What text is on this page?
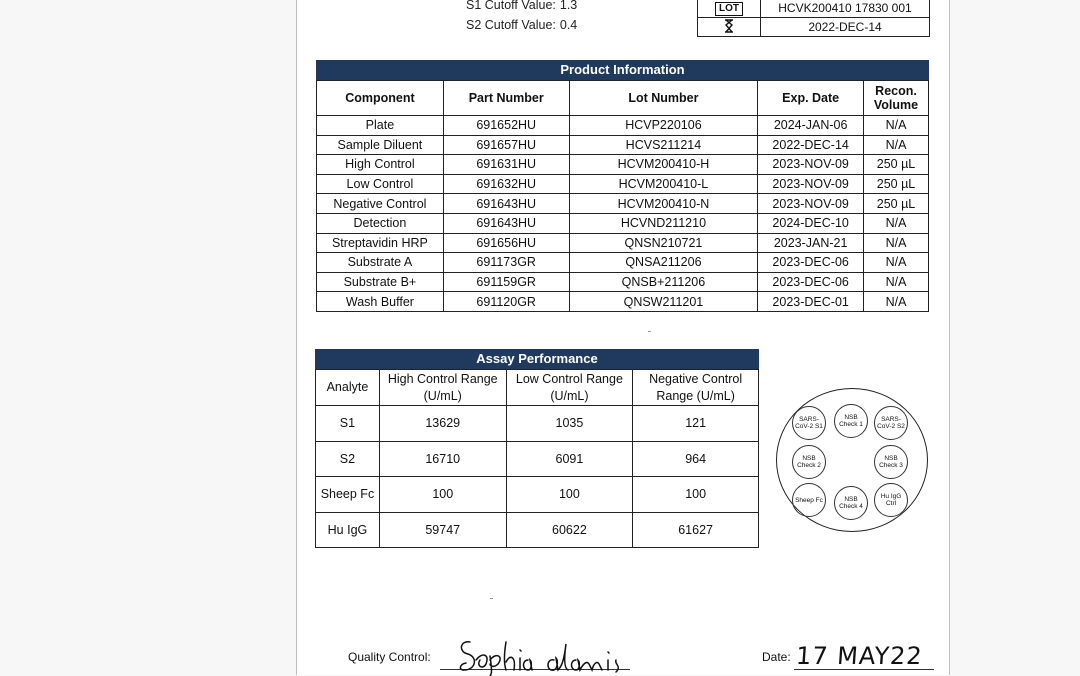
S1 Cutoff Value: 1.3
S2 Cutoff Value: 0.4
LOT	HCVK200410 17830 001
	2022-DEC-14
Product Information
Component	Part Number	Lot Number	Exp. Date	Recon. Volume
Plate	691652HU	HCVP220106	2024-JAN-06	N/A
Sample Diluent	691657HU	HCVS211214	2022-DEC-14	N/A
High Control	691631HU	HCVM200410-H	2023-NOV-09	250 µL
Low Control	691632HU	HCVM200410-L	2023-NOV-09	250 µL
Negative Control	691643HU	HCVM200410-N	2023-NOV-09	250 µL
Detection	691643HU	HCVND211210	2024-DEC-10	N/A
Streptavidin HRP	691656HU	QNSN210721	2023-JAN-21	N/A
Substrate A	691173GR	QNSA211206	2023-DEC-06	N/A
Substrate B+	691159GR	QNSB+211206	2023-DEC-06	N/A
Wash Buffer	691120GR	QNSW211201	2023-DEC-01	N/A
Assay Performance
Analyte	High Control Range (U/mL)	Low Control Range (U/mL)	Negative Control Range (U/mL)
S1	13629	1035	121
S2	16710	6091	964
Sheep Fc	100	100	100
Hu IgG	59747	60622	61627
SARS-CoV-2 S1
NSB Check 1
SARS-CoV-2 S2
NSB Check 2
NSB Check 3
Sheep Fc	NSB Check 4
Hu IgG Ctrl
Quality Control:	Date: 17 MAY22
